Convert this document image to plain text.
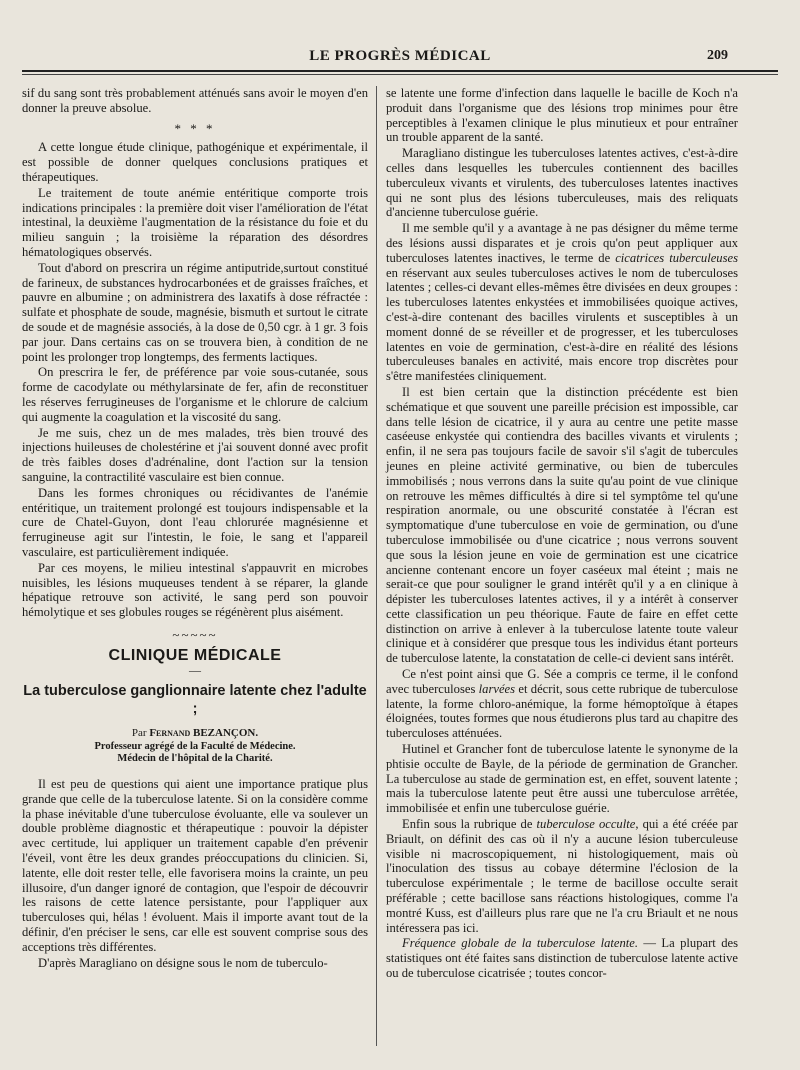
LE PROGRÈS MÉDICAL	209

sif du sang sont très probablement atténués sans avoir le moyen d'en donner la preuve absolue.

* * *

A cette longue étude clinique, pathogénique et expérimentale, il est possible de donner quelques conclusions pratiques et thérapeutiques.

Le traitement de toute anémie entéritique comporte trois indications principales : la première doit viser l'amélioration de l'état intestinal, la deuxième l'augmentation de la résistance du foie et du milieu sanguin ; la troisième la réparation des désordres hématologiques observés.

Tout d'abord on prescrira un régime antiputride,surtout constitué de farineux, de substances hydrocarbonées et de graisses fraîches, et pauvre en albumine ; on administrera des laxatifs à dose réfractée : sulfate et phosphate de soude, magnésie, bismuth et surtout le citrate de soude et de magnésie associés, à la dose de 0,50 cgr. à 1 gr. 3 fois par jour. Dans certains cas on se trouvera bien, à condition de ne point les prolonger trop longtemps, des ferments lactiques.

On prescrira le fer, de préférence par voie sous-cutanée, sous forme de cacodylate ou méthylarsinate de fer, afin de reconstituer les réserves ferrugineuses de l'organisme et le chlorure de calcium qui augmente la coagulation et la viscosité du sang.

Je me suis, chez un de mes malades, très bien trouvé des injections huileuses de cholestérine et j'ai souvent donné avec profit de très faibles doses d'adrénaline, dont l'action sur la tension sanguine, la contractilité vasculaire est bien connue.

Dans les formes chroniques ou récidivantes de l'anémie entéritique, un traitement prolongé est toujours indispensable et la cure de Chatel-Guyon, dont l'eau chlorurée magnésienne et ferrugineuse agit sur l'intestin, le foie, le sang et l'appareil vasculaire, est particulièrement indiquée.

Par ces moyens, le milieu intestinal s'appauvrit en microbes nuisibles, les lésions muqueuses tendent à se réparer, la glande hépatique retrouve son activité, le sang perd son pouvoir hémolytique et ses globules rouges se régénèrent plus aisément.

~~~~~
CLINIQUE MÉDICALE
—
La tuberculose ganglionnaire latente chez l'adulte ;
Par Fernand BEZANÇON.
Professeur agrégé de la Faculté de Médecine.
Médecin de l'hôpital de la Charité.

Il est peu de questions qui aient une importance pratique plus grande que celle de la tuberculose latente. Si on la considère comme la phase inévitable d'une tuberculose évoluante, elle va soulever un double problème diagnostic et thérapeutique : pouvoir la dépister avec certitude, lui appliquer un traitement capable d'en prévenir l'éveil, vont être les deux grandes préoccupations du clinicien. Si, latente, elle doit rester telle, elle favorisera moins la crainte, un peu illusoire, d'un danger ignoré de contagion, que l'espoir de découvrir les raisons de cette latence persistante, pour l'appliquer aux tuberculoses qui, hélas ! évoluent. Mais il importe avant tout de la définir, d'en préciser le sens, car elle est souvent comprise sous des acceptions très différentes.

D'après Maragliano on désigne sous le nom de tuberculo-

se latente une forme d'infection dans laquelle le bacille de Koch n'a produit dans l'organisme que des lésions trop minimes pour être perceptibles à l'examen clinique le plus minutieux et pour entraîner un trouble apparent de la santé.

Maragliano distingue les tuberculoses latentes actives, c'est-à-dire celles dans lesquelles les tubercules contiennent des bacilles tuberculeux vivants et virulents, des tuberculoses latentes inactives qui ne sont plus des lésions tuberculeuses, mais des reliquats d'ancienne tuberculose guérie.

Il me semble qu'il y a avantage à ne pas désigner du même terme des lésions aussi disparates et je crois qu'on peut appliquer aux tuberculoses latentes inactives, le terme de cicatrices tuberculeuses en réservant aux seules tuberculoses actives le nom de tuberculoses latentes ; celles-ci devant elles-mêmes être divisées en deux groupes : les tuberculoses latentes enkystées et immobilisées quoique actives, c'est-à-dire contenant des bacilles virulents et susceptibles à un moment donné de se réveiller et de progresser, et les tuberculoses latentes en voie de germination, c'est-à-dire en réalité des lésions tuberculeuses banales en activité, mais encore trop discrètes pour s'être manifestées cliniquement.

Il est bien certain que la distinction précédente est bien schématique et que souvent une pareille précision est impossible, car dans telle lésion de cicatrice, il y aura au centre une petite masse caséeuse enkystée qui contiendra des bacilles vivants et virulents ; enfin, il ne sera pas toujours facile de savoir s'il s'agit de tubercules jeunes en pleine activité germinative, ou bien de tubercules immobilisés ; nous verrons dans la suite qu'au point de vue clinique on retrouve les mêmes difficultés à dire si tel symptôme tel qu'une respiration anormale, ou une obscurité constatée à l'écran est symptomatique d'une tuberculose en voie de germination, ou d'une tuberculose immobilisée ou d'une cicatrice ; nous verrons souvent que sous la lésion jeune en voie de germination est une cicatrice ancienne contenant encore un foyer caséeux mal éteint ; mais ne serait-ce que pour souligner le grand intérêt qu'il y a en clinique à dépister les tuberculoses latentes actives, il y a intérêt à conserver cette classification un peu théorique. Faute de faire en effet cette distinction on arrive à enlever à la tuberculose latente toute valeur clinique et à considérer que presque tous les individus étant porteurs de tuberculose latente, la constatation de celle-ci devient sans intérêt.

Ce n'est point ainsi que G. Sée a compris ce terme, il le confond avec tuberculoses larvées et décrit, sous cette rubrique de tuberculose latente, la forme chloro-anémique, la forme hémoptoïque à étapes éloignées, toutes formes que nous étudierons plus tard au chapitre des tuberculoses atténuées.

Hutinel et Grancher font de tuberculose latente le synonyme de la phtisie occulte de Bayle, de la période de germination de Grancher. La tuberculose au stade de germination est, en effet, souvent latente ; mais la tuberculose latente peut être aussi une tuberculose arrêtée, immobilisée et enfin une tuberculose guérie.

Enfin sous la rubrique de tuberculose occulte, qui a été créée par Briault, on définit des cas où il n'y a aucune lésion tuberculeuse visible ni macroscopiquement, ni histologiquement, mais où l'inoculation des tissus au cobaye détermine l'éclosion de la tuberculose expérimentale ; le terme de bacillose occulte serait préférable ; cette bacillose sans réactions histologiques, comme l'a montré Kuss, est d'ailleurs plus rare que ne l'a cru Briault et ne nous intéressera pas ici.

Fréquence globale de la tuberculose latente. — La plupart des statistiques ont été faites sans distinction de tuberculose latente active ou de tuberculose cicatrisée ; toutes concor-
